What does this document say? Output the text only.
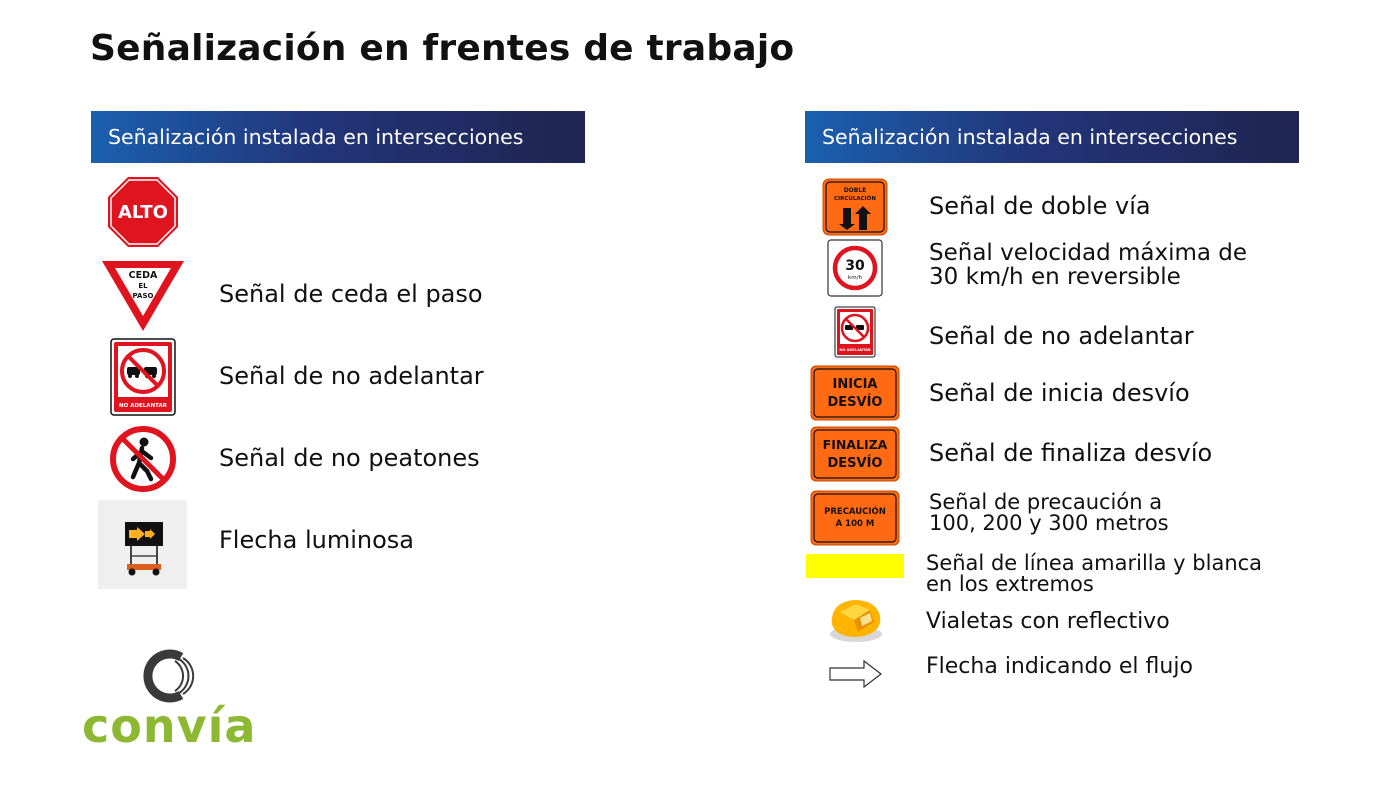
Señalización en frentes de trabajo
Señalización instalada en intersecciones
ALTO
CEDA
EL
PASO	Señal de ceda el paso
NO ADELANTAR
Señal de no adelantar
Señal de no peatones
Flecha luminosa
Señalización instalada en intersecciones
DOBLE
CIRCULACIÓN Señal de doble vía
30
km/h
Señal velocidad máxima de
30 km/h en reversible
NO ADELANTAR Señal de no adelantar
INICIA
DESVÍO Señal de inicia desvío
FINALIZA
DESVÍO Señal de finaliza desvío
PRECAUCIÓN
A 100 M
Señal de precaución a
100, 200 y 300 metros
Señal de línea amarilla y blanca
en los extremos
Vialetas con reflectivo
Flecha indicando el flujo
convía
